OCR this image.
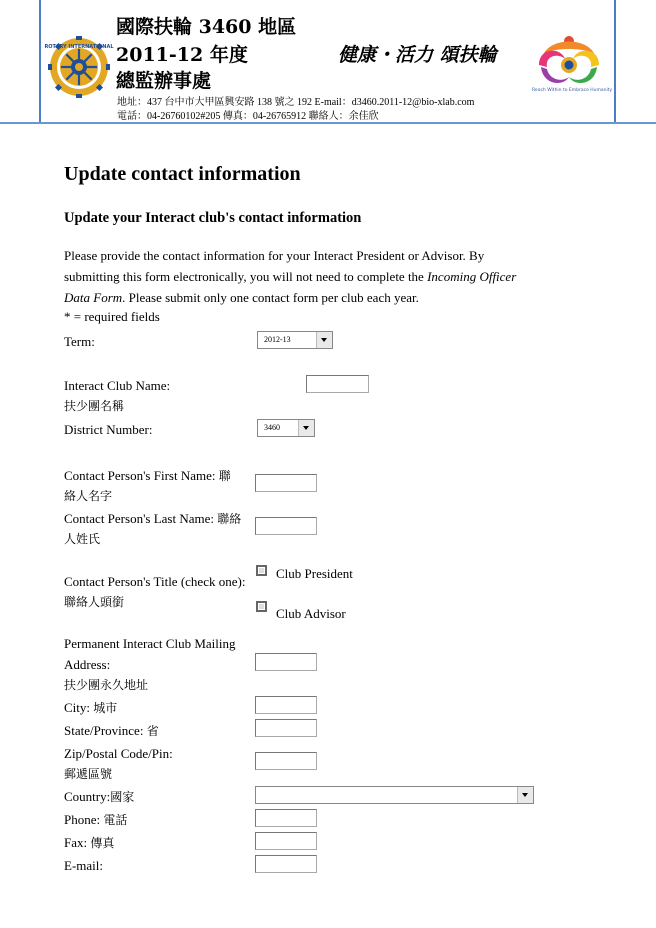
ROTARY INTERNATIONAL
國際扶輪 3460 地區
2011-12 年度
總監辦事處
健康・活力 頌扶輪
地址：437 台中市大甲區興安路 138 號之 192 E-mail：d3460.2011-12@bio-xlab.com
電話：04-26760102#205 傳真：04-26765912 聯絡人：余佳欣
Reach Within to Embrace Humanity
Update contact information
Update your Interact club's contact information
Please provide the contact information for your Interact President or Advisor. By submitting this form electronically, you will not need to complete the Incoming Officer Data Form. Please submit only one contact form per club each year.
* = required fields
Term:	2012-13
Interact Club Name:
扶少團名稱
District Number:	3460
Contact Person's First Name: 聯
絡人名字
Contact Person's Last Name: 聯絡
人姓氏
Contact Person's Title (check one):
聯絡人頭銜
Club President
Club Advisor
Permanent Interact Club Mailing
Address:
扶少團永久地址
City: 城市
State/Province: 省
Zip/Postal Code/Pin:
郵遞區號
Country:國家
Phone: 電話
Fax: 傳真
E-mail:
